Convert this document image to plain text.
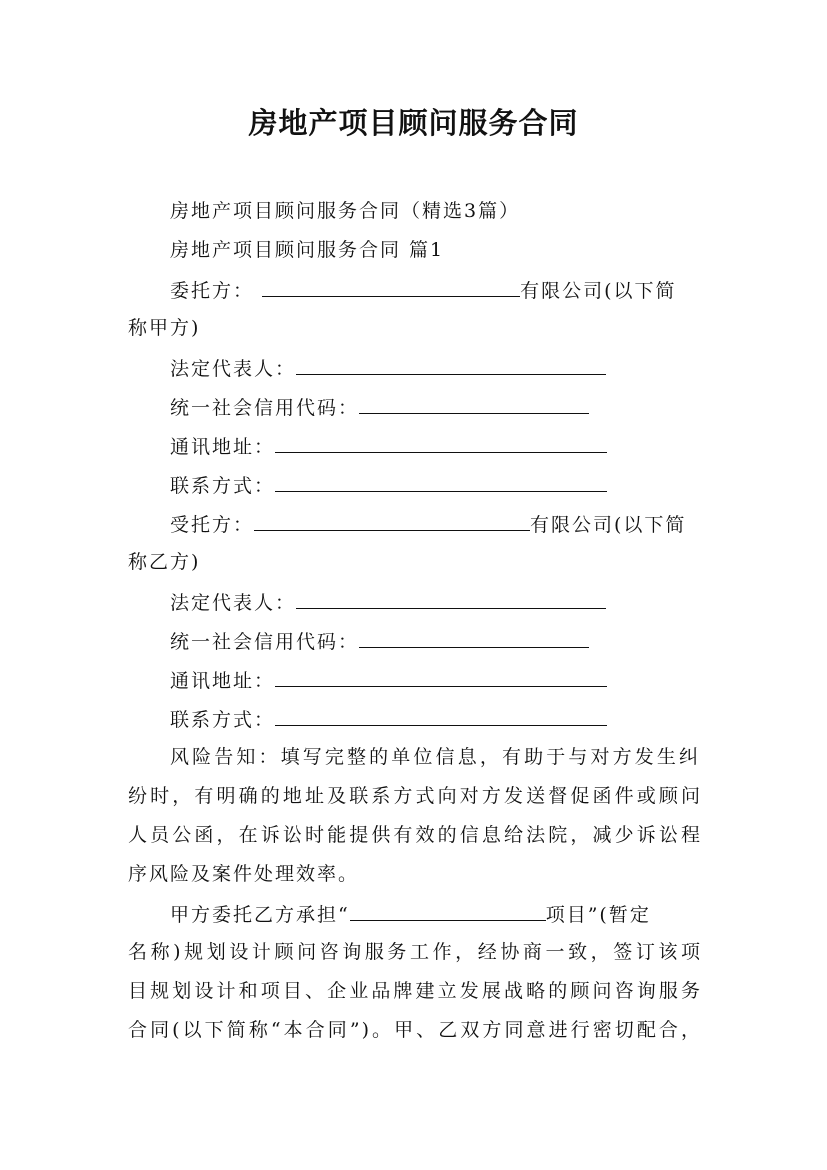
房地产项目顾问服务合同
房地产项目顾问服务合同（精选3篇）
房地产项目顾问服务合同 篇1
委托方：	有限公司(以下简
称甲方)
法定代表人：
统一社会信用代码：
通讯地址：
联系方式：
受托方：	有限公司(以下简
称乙方)
法定代表人：
统一社会信用代码：
通讯地址：
联系方式：
风险告知：填写完整的单位信息，有助于与对方发生纠
纷时，有明确的地址及联系方式向对方发送督促函件或顾问
人员公函，在诉讼时能提供有效的信息给法院，减少诉讼程
序风险及案件处理效率。
甲方委托乙方承担“	项目”(暂定
名称)规划设计顾问咨询服务工作，经协商一致，签订该项
目规划设计和项目、企业品牌建立发展战略的顾问咨询服务
合同(以下简称“本合同”)。甲、乙双方同意进行密切配合，
